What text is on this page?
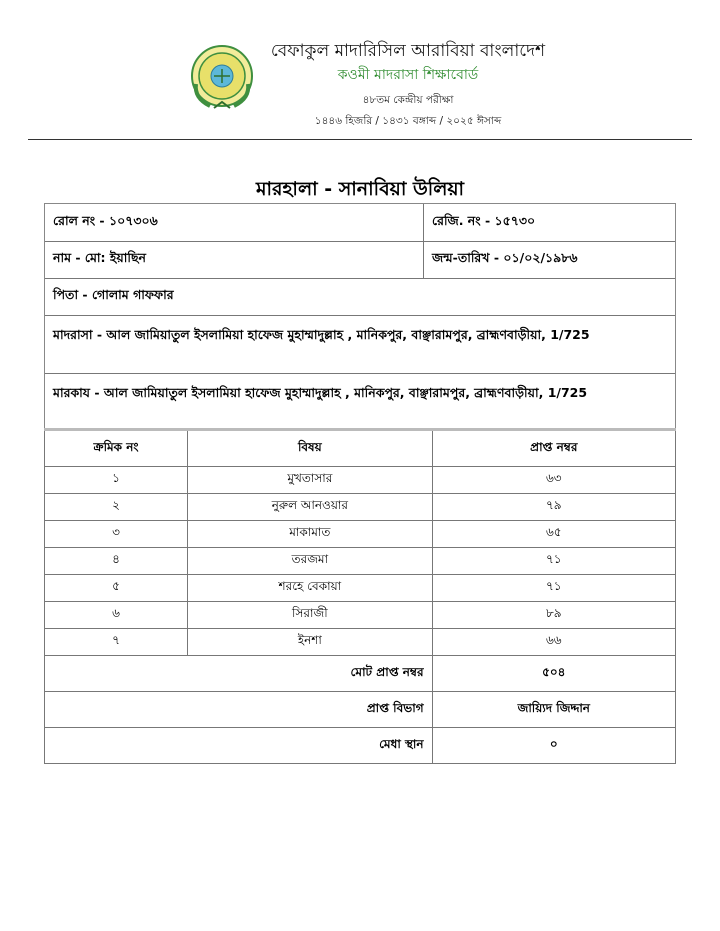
বেফাকুল মাদারিসিল আরাবিয়া বাংলাদেশ
কওমী মাদরাসা শিক্ষাবোর্ড
৪৮তম কেন্দ্রীয় পরীক্ষা
১৪৪৬ হিজরি / ১৪৩১ বঙ্গাব্দ / ২০২৫ ঈসাব্দ
মারহালা - সানাবিয়া উলিয়া
রোল নং - ১০৭৩০৬	রেজি. নং - ১৫৭৩০
নাম - মো: ইয়াছিন	জন্ম-তারিখ - ০১/০২/১৯৮৬
পিতা - গোলাম গাফফার
মাদরাসা - আল জামিয়াতুল ইসলামিয়া হাফেজ মুহাম্মাদুল্লাহ , মানিকপুর, বাঞ্ছারামপুর, ব্রাহ্মণবাড়ীয়া, 1/725
মারকায - আল জামিয়াতুল ইসলামিয়া হাফেজ মুহাম্মাদুল্লাহ , মানিকপুর, বাঞ্ছারামপুর, ব্রাহ্মণবাড়ীয়া, 1/725
ক্রমিক নং	বিষয়	প্রাপ্ত নম্বর
১	মুখতাসার	৬৩
২	নুরুল আনওয়ার	৭৯
৩	মাকামাত	৬৫
৪	তরজমা	৭১
৫	শরহে বেকায়া	৭১
৬	সিরাজী	৮৯
৭	ইনশা	৬৬
মোট প্রাপ্ত নম্বর		৫০৪
প্রাপ্ত বিভাগ		জায়্যিদ জিদ্দান
মেধা স্থান		০
